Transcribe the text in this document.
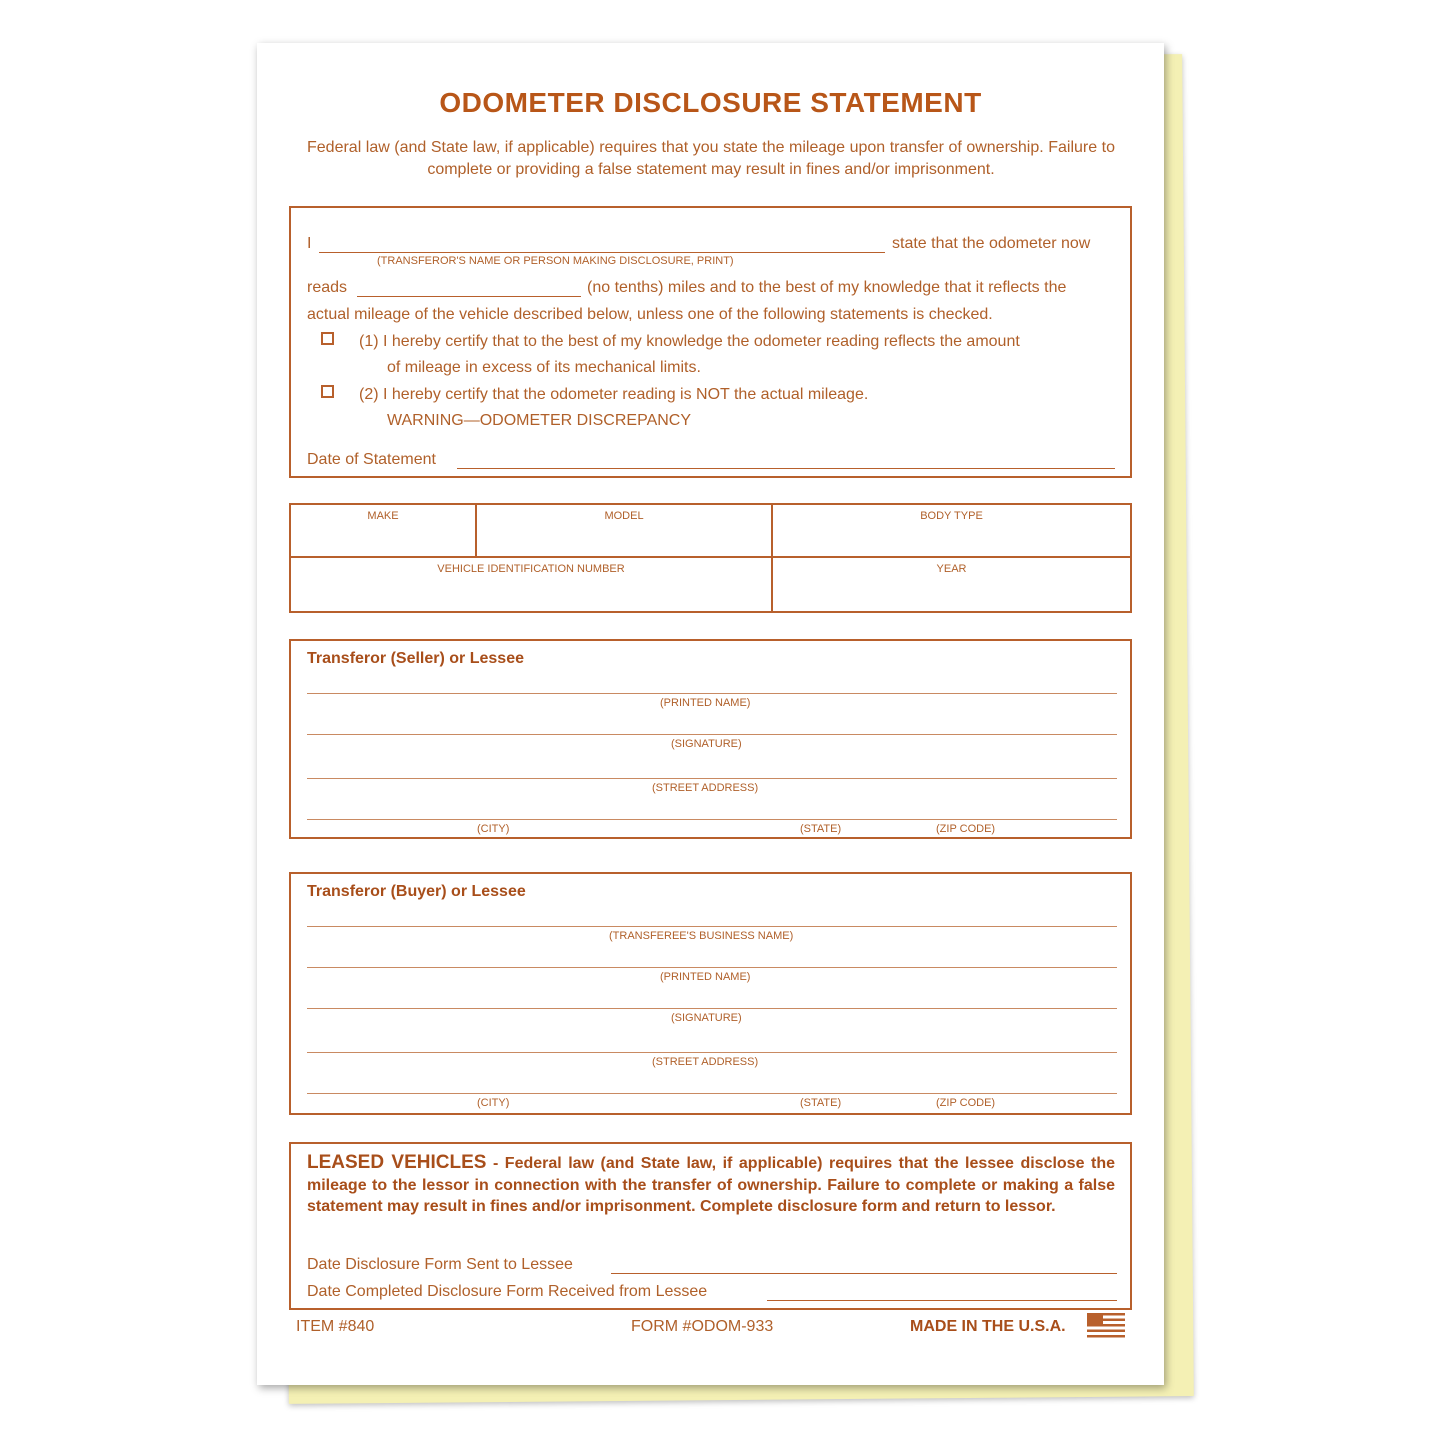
ODOMETER DISCLOSURE STATEMENT
Federal law (and State law, if applicable) requires that you state the mileage upon transfer of ownership. Failure to complete or providing a false statement may result in fines and/or imprisonment.
I	state that the odometer now
(TRANSFEROR'S NAME OR PERSON MAKING DISCLOSURE, PRINT)
reads	(no tenths) miles and to the best of my knowledge that it reflects the
actual mileage of the vehicle described below, unless one of the following statements is checked.
(1) I hereby certify that to the best of my knowledge the odometer reading reflects the amount
of mileage in excess of its mechanical limits.
(2) I hereby certify that the odometer reading is NOT the actual mileage.
WARNING—ODOMETER DISCREPANCY
Date of Statement
MAKE	MODEL	BODY TYPE
VEHICLE IDENTIFICATION NUMBER	YEAR
Transferor (Seller) or Lessee
(PRINTED NAME)
(SIGNATURE)
(STREET ADDRESS)
(CITY)	(STATE)	(ZIP CODE)
Transferor (Buyer) or Lessee
(TRANSFEREE'S BUSINESS NAME)
(PRINTED NAME)
(SIGNATURE)
(STREET ADDRESS)
(CITY)	(STATE)	(ZIP CODE)
LEASED VEHICLES - Federal law (and State law, if applicable) requires that the lessee disclose the mileage to the lessor in connection with the transfer of ownership. Failure to complete or making a false statement may result in fines and/or imprisonment. Complete disclosure form and return to lessor.
Date Disclosure Form Sent to Lessee
Date Completed Disclosure Form Received from Lessee
ITEM #840	FORM #ODOM-933	MADE IN THE U.S.A.
